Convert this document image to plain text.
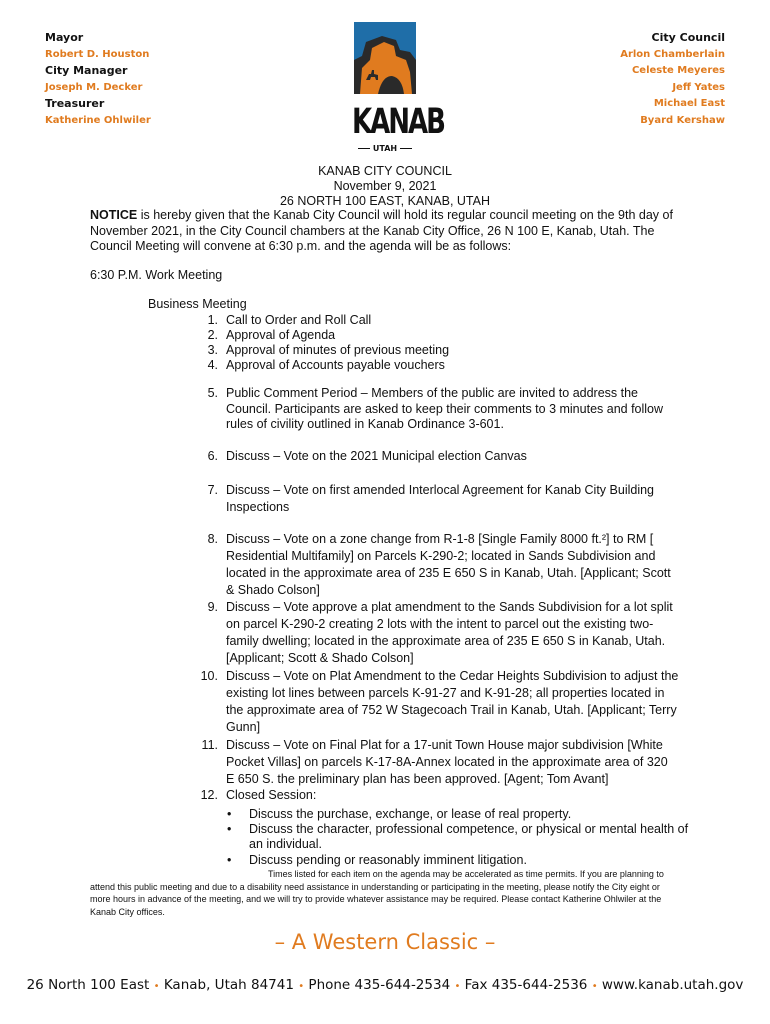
Mayor
Robert D. Houston
City Manager
Joseph M. Decker
Treasurer
Katherine Ohlwiler
City Council
Arlon Chamberlain
Celeste Meyeres
Jeff Yates
Michael East
Byard Kershaw
KANAB
UTAH
KANAB CITY COUNCIL
November 9, 2021
26 NORTH 100 EAST, KANAB, UTAH
NOTICE is hereby given that the Kanab City Council will hold its regular council meeting on the 9th day of November 2021, in the City Council chambers at the Kanab City Office, 26 N 100 E, Kanab, Utah. The Council Meeting will convene at 6:30 p.m. and the agenda will be as follows:
6:30 P.M. Work Meeting
Business Meeting
1. Call to Order and Roll Call
2. Approval of Agenda
3. Approval of minutes of previous meeting
4. Approval of Accounts payable vouchers
5. Public Comment Period – Members of the public are invited to address the Council. Participants are asked to keep their comments to 3 minutes and follow rules of civility outlined in Kanab Ordinance 3-601.
6. Discuss – Vote on the 2021 Municipal election Canvas
7. Discuss – Vote on first amended Interlocal Agreement for Kanab City Building Inspections
8. Discuss – Vote on a zone change from R-1-8 [Single Family 8000 ft.²] to RM [ Residential Multifamily] on Parcels K-290-2; located in Sands Subdivision and located in the approximate area of 235 E 650 S in Kanab, Utah. [Applicant; Scott & Shado Colson]
9. Discuss – Vote approve a plat amendment to the Sands Subdivision for a lot split on parcel K-290-2 creating 2 lots with the intent to parcel out the existing two-family dwelling; located in the approximate area of 235 E 650 S in Kanab, Utah. [Applicant; Scott & Shado Colson]
10. Discuss – Vote on Plat Amendment to the Cedar Heights Subdivision to adjust the existing lot lines between parcels K-91-27 and K-91-28; all properties located in the approximate area of 752 W Stagecoach Trail in Kanab, Utah. [Applicant; Terry Gunn]
11. Discuss – Vote on Final Plat for a 17-unit Town House major subdivision [White Pocket Villas] on parcels K-17-8A-Annex located in the approximate area of 320 E 650 S. the preliminary plan has been approved. [Agent; Tom Avant]
12. Closed Session:
• Discuss the purchase, exchange, or lease of real property.
• Discuss the character, professional competence, or physical or mental health of an individual.
• Discuss pending or reasonably imminent litigation.
Times listed for each item on the agenda may be accelerated as time permits. If you are planning to attend this public meeting and due to a disability need assistance in understanding or participating in the meeting, please notify the City eight or more hours in advance of the meeting, and we will try to provide whatever assistance may be required. Please contact Katherine Ohlwiler at the Kanab City offices.
– A Western Classic –
26 North 100 East • Kanab, Utah 84741 • Phone 435-644-2534 • Fax 435-644-2536 • www.kanab.utah.gov
